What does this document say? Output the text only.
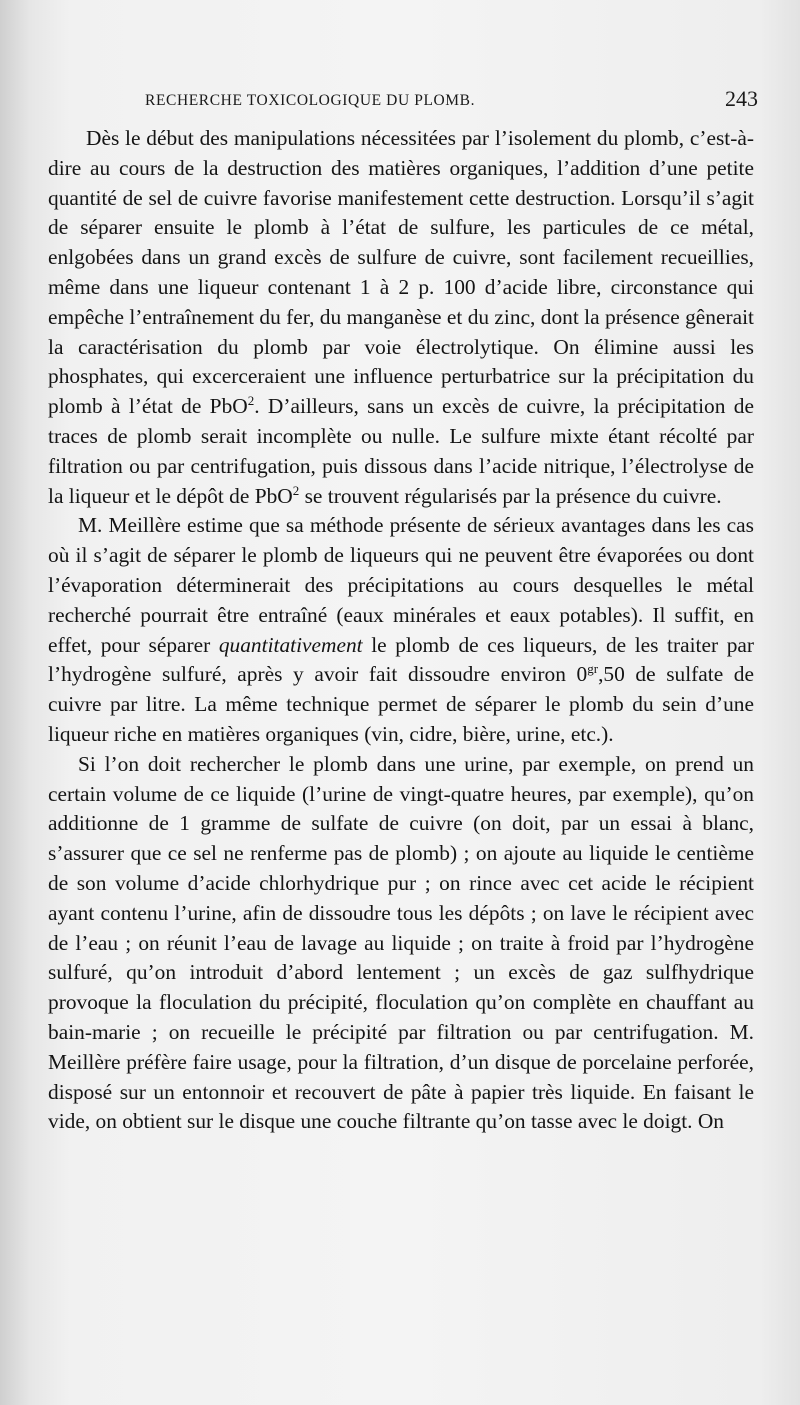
RECHERCHE TOXICOLOGIQUE DU PLOMB.	243

Dès le début des manipulations nécessitées par l’isolement du plomb, c’est-à-dire au cours de la destruction des matières organiques, l’addition d’une petite quantité de sel de cuivre favorise manifestement cette destruction. Lorsqu’il s’agit de séparer ensuite le plomb à l’état de sulfure, les particules de ce métal, enlgobées dans un grand excès de sulfure de cuivre, sont facilement recueillies, même dans une liqueur contenant 1 à 2 p. 100 d’acide libre, circonstance qui empêche l’entraînement du fer, du manganèse et du zinc, dont la présence gênerait la caractérisation du plomb par voie électrolytique. On élimine aussi les phosphates, qui excerceraient une influence perturbatrice sur la précipitation du plomb à l’état de PbO$^2$. D’ailleurs, sans un excès de cuivre, la précipitation de traces de plomb serait incomplète ou nulle. Le sulfure mixte étant récolté par filtration ou par centrifugation, puis dissous dans l’acide nitrique, l’électrolyse de la liqueur et le dépôt de PbO$^2$ se trouvent régularisés par la présence du cuivre.

M. Meillère estime que sa méthode présente de sérieux avantages dans les cas où il s’agit de séparer le plomb de liqueurs qui ne peuvent être évaporées ou dont l’évaporation déterminerait des précipitations au cours desquelles le métal recherché pourrait être entraîné (eaux minérales et eaux potables). Il suffit, en effet, pour séparer quantitativement le plomb de ces liqueurs, de les traiter par l’hydrogène sulfuré, après y avoir fait dissoudre environ $0^{gr},50$ de sulfate de cuivre par litre. La même technique permet de séparer le plomb du sein d’une liqueur riche en matières organiques (vin, cidre, bière, urine, etc.).

Si l’on doit rechercher le plomb dans une urine, par exemple, on prend un certain volume de ce liquide (l’urine de vingt-quatre heures, par exemple), qu’on additionne de 1 gramme de sulfate de cuivre (on doit, par un essai à blanc, s’assurer que ce sel ne renferme pas de plomb) ; on ajoute au liquide le centième de son volume d’acide chlorhydrique pur ; on rince avec cet acide le récipient ayant contenu l’urine, afin de dissoudre tous les dépôts ; on lave le récipient avec de l’eau ; on réunit l’eau de lavage au liquide ; on traite à froid par l’hydrogène sulfuré, qu’on introduit d’abord lentement ; un excès de gaz sulfhydrique provoque la floculation du précipité, floculation qu’on complète en chauffant au bain-marie ; on recueille le précipité par filtration ou par centrifugation. M. Meillère préfère faire usage, pour la filtration, d’un disque de porcelaine perforée, disposé sur un entonnoir et recouvert de pâte à papier très liquide. En faisant le vide, on obtient sur le disque une couche filtrante qu’on tasse avec le doigt. On
